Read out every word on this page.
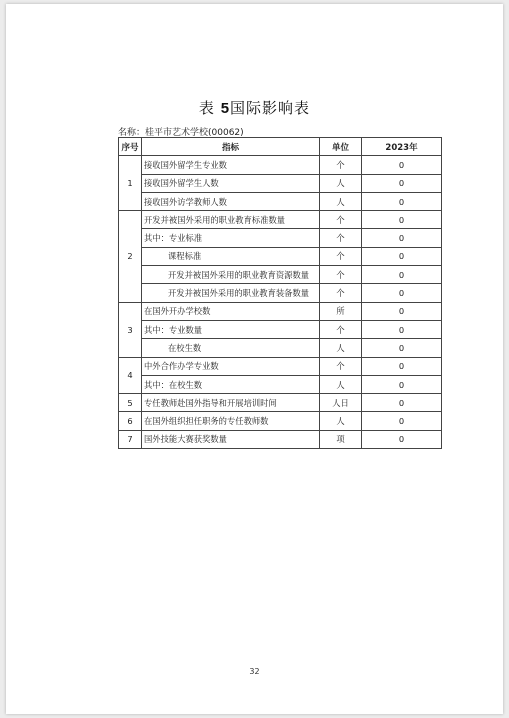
表 5国际影响表
名称：桂平市艺术学校(00062)
序号	指标	单位	2023年
1	接收国外留学生专业数	个	0
	接收国外留学生人数	人	0
	接收国外访学教师人数	人	0
2	开发并被国外采用的职业教育标准数量	个	0
	其中：专业标准	个	0
	课程标准	个	0
	开发并被国外采用的职业教育资源数量	个	0
	开发并被国外采用的职业教育装备数量	个	0
3	在国外开办学校数	所	0
	其中：专业数量	个	0
	在校生数	人	0
4	中外合作办学专业数	个	0
	其中：在校生数	人	0
5	专任教师赴国外指导和开展培训时间	人日	0
6	在国外组织担任职务的专任教师数	人	0
7	国外技能大赛获奖数量	项	0
32
